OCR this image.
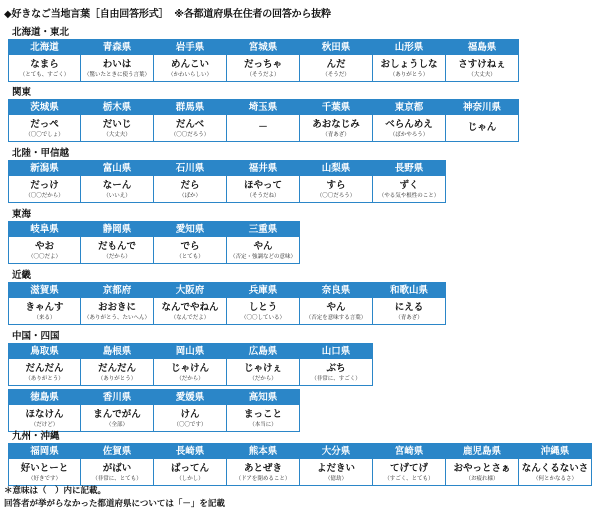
◆好きなご当地言葉［自由回答形式］ ※各都道府県在住者の回答から抜粋
北海道・東北
北海道
なまら
（とても、すごく）
青森県
わいは
（驚いたときに使う言葉）
岩手県
めんこい
（かわいらしい）
宮城県
だっちゃ
（そうだよ）
秋田県
んだ
（そうだ）
山形県
おしょうしな
（ありがとう）
福島県
さすけねぇ
（大丈夫）
関東
茨城県
だっぺ
（〇〇でしょ）
栃木県
だいじ
（大丈夫）
群馬県
だんべ
（〇〇だろう）
埼玉県
－
千葉県
あおなじみ
（青あざ）
東京都
べらんめえ
（ばかやろう）
神奈川県
じゃん
北陸・甲信越
新潟県
だっけ
（〇〇だから）
富山県
なーん
（いいえ）
石川県
だら
（ばか）
福井県
ほやって
（そうだね）
山梨県
すら
（〇〇だろう）
長野県
ずく
（やる気や根性のこと）
東海
岐阜県
やお
（〇〇だよ）
静岡県
だもんで
（だから）
愛知県
でら
（とても）
三重県
やん
（否定・強調などの意味）
近畿
滋賀県
きゃんす
（来る）
京都府
おおきに
（ありがとう、たいへん）
大阪府
なんでやねん
（なんでだよ）
兵庫県
しとう
（〇〇している）
奈良県
やん
（否定を意味する言葉）
和歌山県
にえる
（青あざ）
中国・四国
鳥取県
だんだん
（ありがとう）
島根県
だんだん
（ありがとう）
岡山県
じゃけん
（だから）
広島県
じゃけぇ
（だから）
山口県
ぶち
（非常に、すごく）
徳島県
ほなけん
（だけど）
香川県
まんでがん
（全部）
愛媛県
けん
（〇〇です）
高知県
まっこと
（本当に）
九州・沖縄
福岡県
好いとーと
（好きです）
佐賀県
がばい
（非常に、とても）
長崎県
ばってん
（しかし）
熊本県
あとぜき
（ドアを閉めること）
大分県
よだきい
（億劫）
宮崎県
てげてげ
（すごく、とても）
鹿児島県
おやっとさぁ
（お疲れ様）
沖縄県
なんくるないさ
（何とかなるさ）
＊意味は（　）内に記載。
回答者が挙がらなかった都道府県については「－」を記載
